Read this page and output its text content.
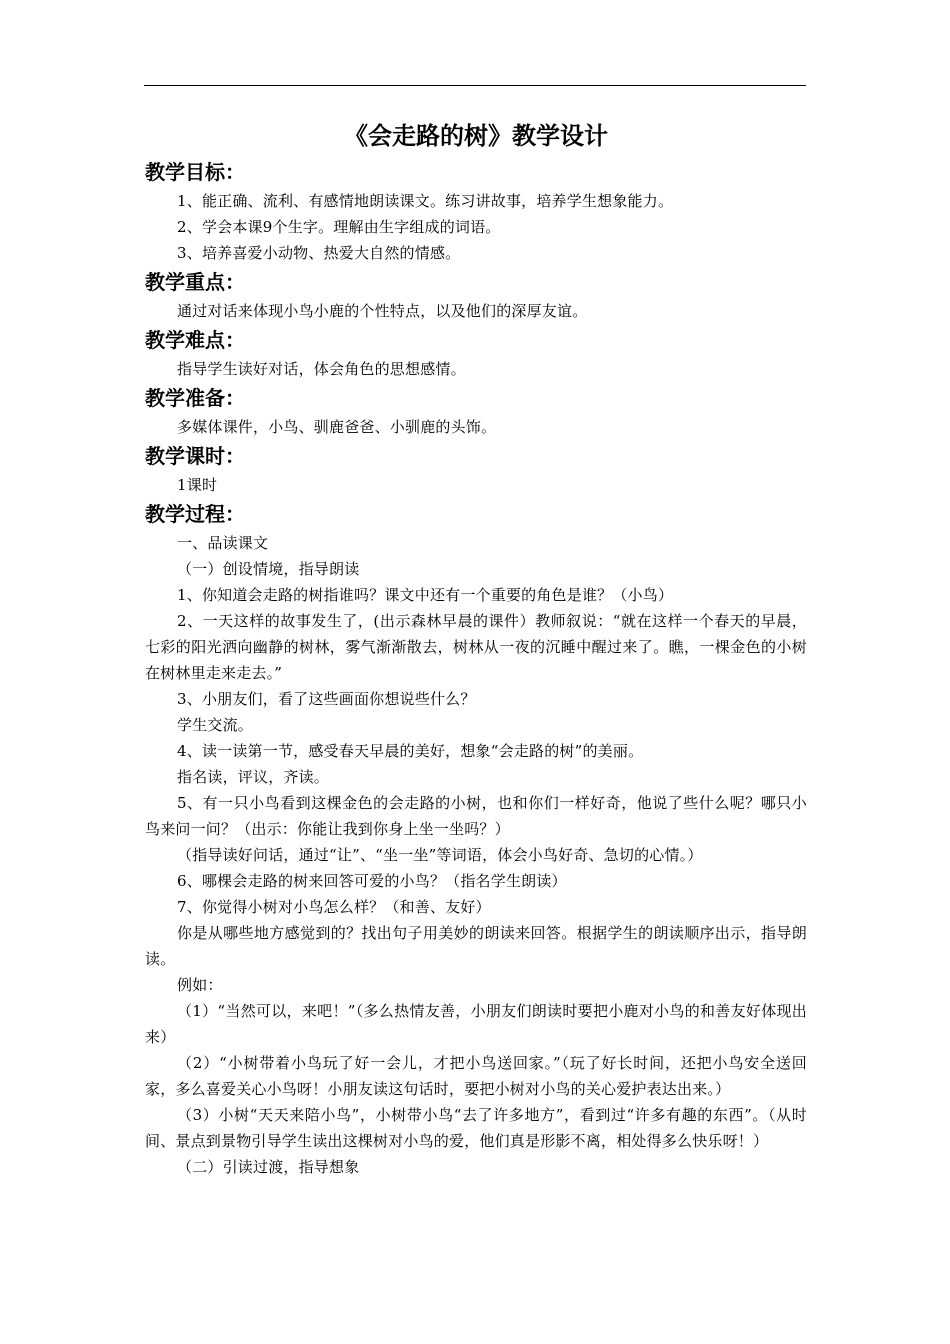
《会走路的树》教学设计
教学目标：

1、能正确、流利、有感情地朗读课文。练习讲故事，培养学生想象能力。

2、学会本课9个生字。理解由生字组成的词语。

3、培养喜爱小动物、热爱大自然的情感。

教学重点：

通过对话来体现小鸟小鹿的个性特点，以及他们的深厚友谊。

教学难点：

指导学生读好对话，体会角色的思想感情。

教学准备：

多媒体课件，小鸟、驯鹿爸爸、小驯鹿的头饰。

教学课时：

1课时

教学过程：

一、品读课文

（一）创设情境，指导朗读

1、你知道会走路的树指谁吗？课文中还有一个重要的角色是谁？（小鸟）

2、一天这样的故事发生了，(出示森林早晨的课件）教师叙说：“就在这样一个春天的早晨，七彩的阳光洒向幽静的树林，雾气渐渐散去，树林从一夜的沉睡中醒过来了。瞧，一棵金色的小树在树林里走来走去。”

3、小朋友们，看了这些画面你想说些什么？

学生交流。

4、读一读第一节，感受春天早晨的美好，想象“会走路的树”的美丽。

指名读，评议，齐读。

5、有一只小鸟看到这棵金色的会走路的小树，也和你们一样好奇，他说了些什么呢？哪只小鸟来问一问？（出示：你能让我到你身上坐一坐吗？）

（指导读好问话，通过“让”、“坐一坐”等词语，体会小鸟好奇、急切的心情。）

6、哪棵会走路的树来回答可爱的小鸟？（指名学生朗读）

7、你觉得小树对小鸟怎么样？（和善、友好）

你是从哪些地方感觉到的？找出句子用美妙的朗读来回答。根据学生的朗读顺序出示，指导朗读。

例如：

（1）“当然可以，来吧！”（多么热情友善，小朋友们朗读时要把小鹿对小鸟的和善友好体现出来）

（2）“小树带着小鸟玩了好一会儿，才把小鸟送回家。”（玩了好长时间，还把小鸟安全送回家，多么喜爱关心小鸟呀！小朋友读这句话时，要把小树对小鸟的关心爱护表达出来。）

（3）小树“天天来陪小鸟”，小树带小鸟“去了许多地方”，看到过“许多有趣的东西”。（从时间、景点到景物引导学生读出这棵树对小鸟的爱，他们真是形影不离，相处得多么快乐呀！）

（二）引读过渡，指导想象
